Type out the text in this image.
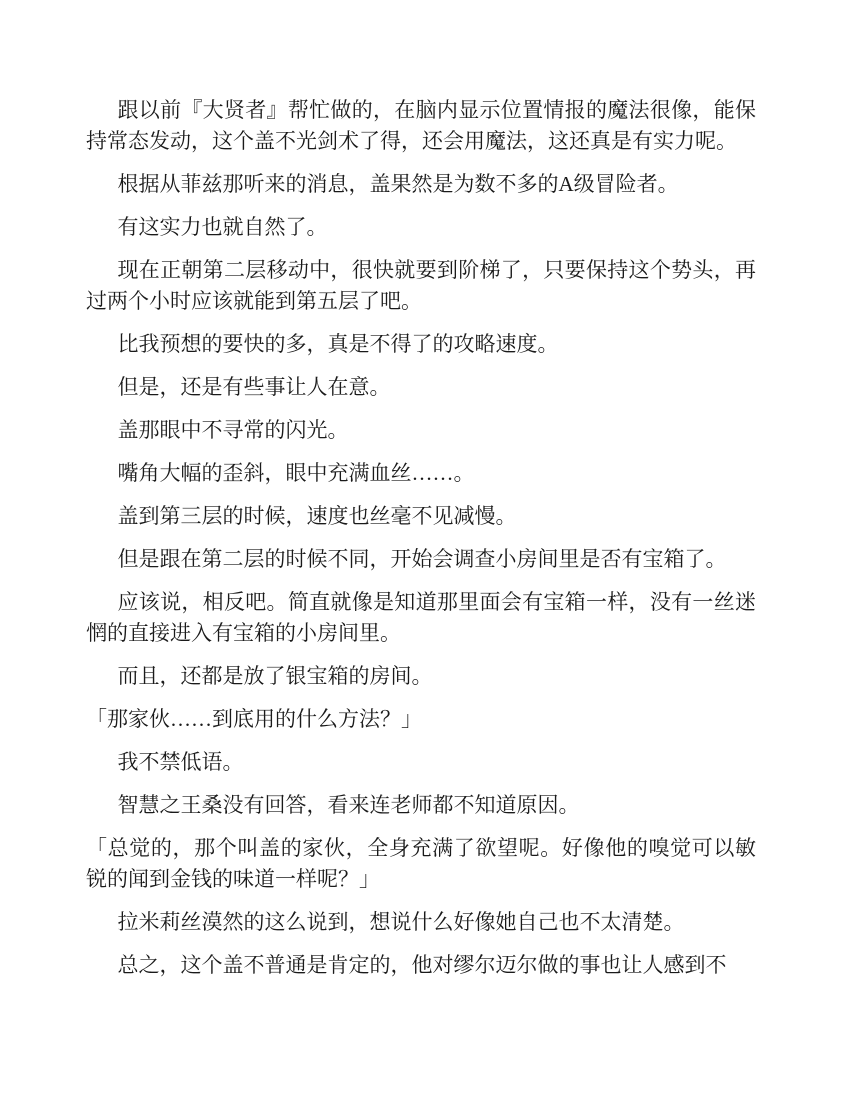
跟以前『大贤者』帮忙做的，在脑内显示位置情报的魔法很像，能保持常态发动，这个盖不光剑术了得，还会用魔法，这还真是有实力呢。

根据从菲兹那听来的消息，盖果然是为数不多的A级冒险者。

有这实力也就自然了。

现在正朝第二层移动中，很快就要到阶梯了，只要保持这个势头，再过两个小时应该就能到第五层了吧。

比我预想的要快的多，真是不得了的攻略速度。

但是，还是有些事让人在意。

盖那眼中不寻常的闪光。

嘴角大幅的歪斜，眼中充满血丝……。

盖到第三层的时候，速度也丝毫不见减慢。

但是跟在第二层的时候不同，开始会调查小房间里是否有宝箱了。

应该说，相反吧。简直就像是知道那里面会有宝箱一样，没有一丝迷惘的直接进入有宝箱的小房间里。

而且，还都是放了银宝箱的房间。

「那家伙……到底用的什么方法？」

我不禁低语。

智慧之王桑没有回答，看来连老师都不知道原因。

「总觉的，那个叫盖的家伙，全身充满了欲望呢。好像他的嗅觉可以敏锐的闻到金钱的味道一样呢？」

拉米莉丝漠然的这么说到，想说什么好像她自己也不太清楚。

总之，这个盖不普通是肯定的，他对缪尔迈尔做的事也让人感到不
